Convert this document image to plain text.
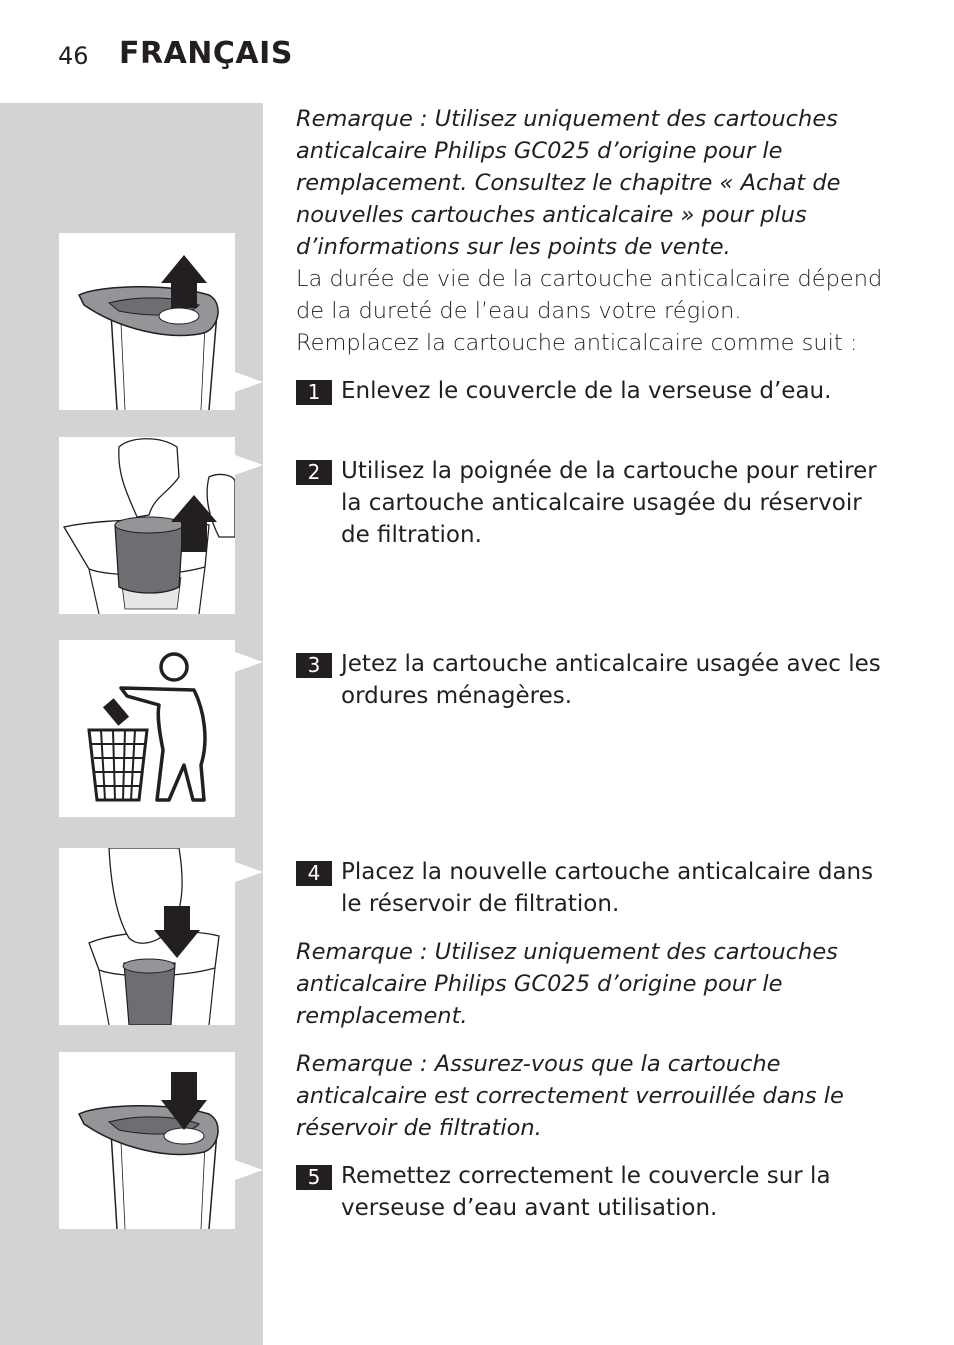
46 FRANÇAIS
Remarque : Utilisez uniquement des cartouches anticalcaire Philips GC025 d’origine pour le remplacement. Consultez le chapitre « Achat de nouvelles cartouches anticalcaire » pour plus d’informations sur les points de vente.
La durée de vie de la cartouche anticalcaire dépend de la dureté de l’eau dans votre région.
Remplacez la cartouche anticalcaire comme suit :
1 Enlevez le couvercle de la verseuse d’eau.
2 Utilisez la poignée de la cartouche pour retirer la cartouche anticalcaire usagée du réservoir de filtration.
3 Jetez la cartouche anticalcaire usagée avec les ordures ménagères.
4 Placez la nouvelle cartouche anticalcaire dans le réservoir de filtration.
Remarque : Utilisez uniquement des cartouches anticalcaire Philips GC025 d’origine pour le remplacement.
Remarque : Assurez-vous que la cartouche anticalcaire est correctement verrouillée dans le réservoir de filtration.
5 Remettez correctement le couvercle sur la verseuse d’eau avant utilisation.
